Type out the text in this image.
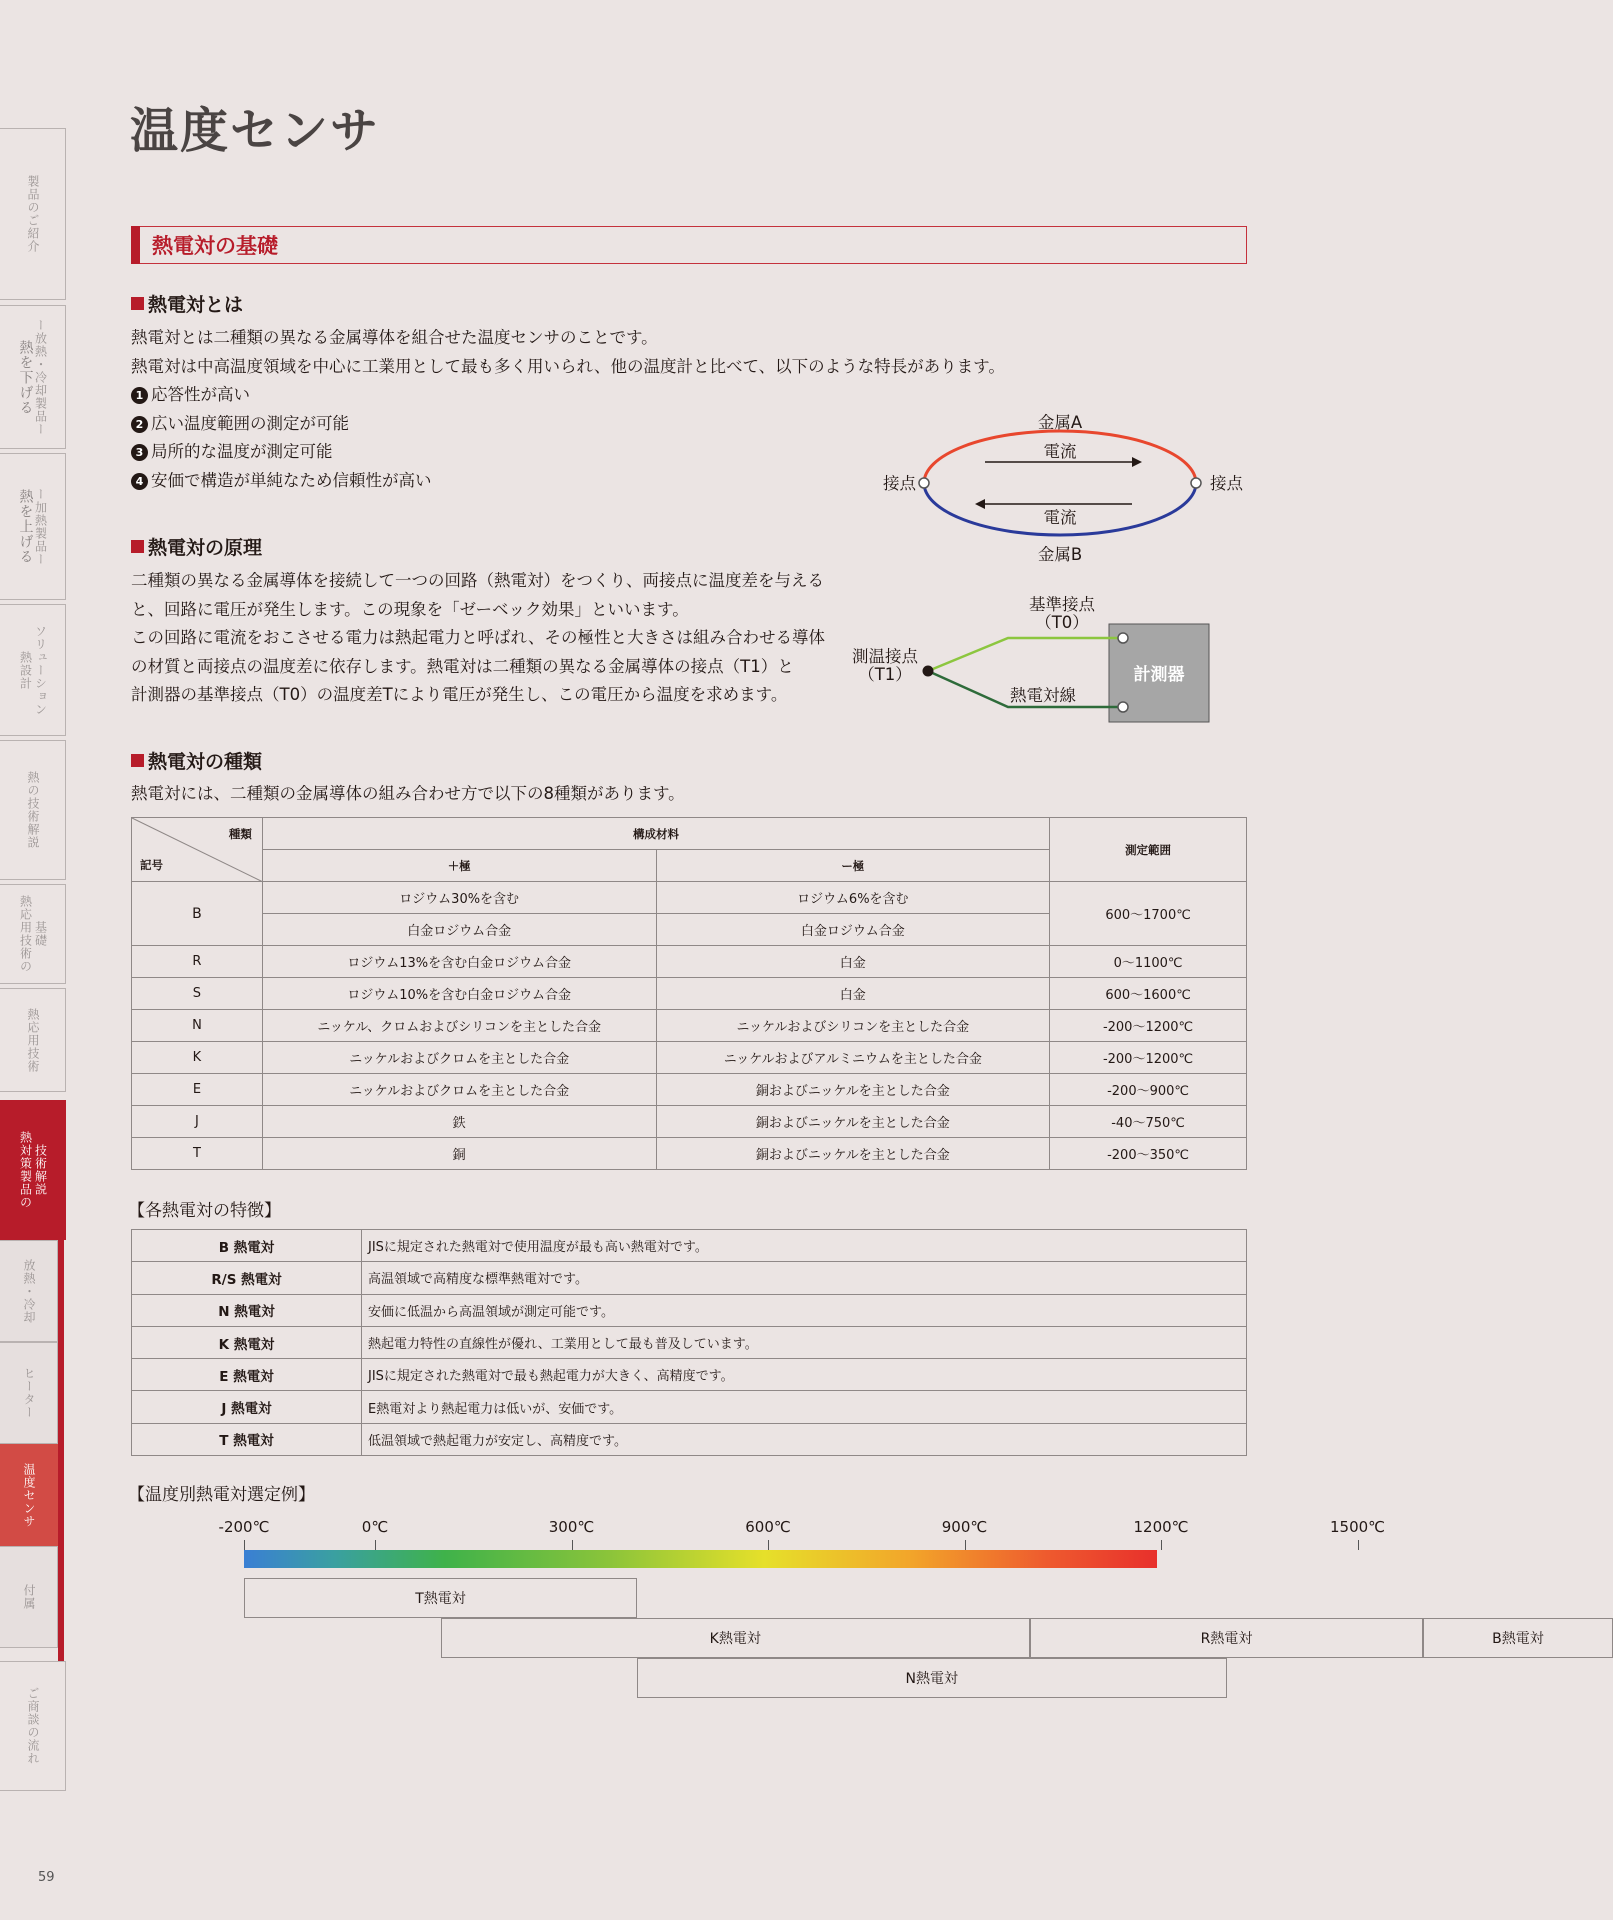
製品のご紹介
熱を下げる ー放熱・冷却製品ー
熱を上げる ー加熱製品ー
熱設計 ソリューション
熱の技術解説
熱応用技術の 基礎
熱応用技術
熱対策製品の 技術解説
放熱・冷却
ヒーター
温度センサ
付属
ご商談の流れ
温度センサ
熱電対の基礎
熱電対とは
熱電対とは二種類の異なる金属導体を組合せた温度センサのことです。
熱電対は中高温度領域を中心に工業用として最も多く用いられ、他の温度計と比べて、以下のような特長があります。
1 応答性が高い
2 広い温度範囲の測定が可能
3 局所的な温度が測定可能
4 安価で構造が単純なため信頼性が高い
金属A
電流
電流
金属B
接点	接点
熱電対の原理
二種類の異なる金属導体を接続して一つの回路（熱電対）をつくり、両接点に温度差を与える
と、回路に電圧が発生します。この現象を「ゼーベック効果」といいます。
この回路に電流をおこさせる電力は熱起電力と呼ばれ、その極性と大きさは組み合わせる導体
の材質と両接点の温度差に依存します。熱電対は二種類の異なる金属導体の接点（T1）と
計測器の基準接点（T0）の温度差Tにより電圧が発生し、この電圧から温度を求めます。
計測器
基準接点
（T0）
測温接点
（T1）
熱電対線
熱電対の種類
熱電対には、二種類の金属導体の組み合わせ方で以下の8種類があります。
種類
記号	構成材料		測定範囲
	＋極	ー極	
B	ロジウム30%を含む	ロジウム6%を含む	600〜1700℃
	白金ロジウム合金	白金ロジウム合金	
R	ロジウム13%を含む白金ロジウム合金	白金	0〜1100℃
S	ロジウム10%を含む白金ロジウム合金	白金	600〜1600℃
N	ニッケル、クロムおよびシリコンを主とした合金	ニッケルおよびシリコンを主とした合金	-200〜1200℃
K	ニッケルおよびクロムを主とした合金	ニッケルおよびアルミニウムを主とした合金	-200〜1200℃
E	ニッケルおよびクロムを主とした合金	銅およびニッケルを主とした合金	-200〜900℃
J	鉄	銅およびニッケルを主とした合金	-40〜750℃
T	銅	銅およびニッケルを主とした合金	-200〜350℃
【各熱電対の特徴】
B 熱電対	JISに規定された熱電対で使用温度が最も高い熱電対です。
R/S 熱電対	高温領域で高精度な標準熱電対です。
N 熱電対	安価に低温から高温領域が測定可能です。
K 熱電対	熱起電力特性の直線性が優れ、工業用として最も普及しています。
E 熱電対	JISに規定された熱電対で最も熱起電力が大きく、高精度です。
J 熱電対	E熱電対より熱起電力は低いが、安価です。
T 熱電対	低温領域で熱起電力が安定し、高精度です。
【温度別熱電対選定例】
-200℃	0℃	300℃	600℃	900℃	1200℃	1500℃
T熱電対
K熱電対	R熱電対	B熱電対
N熱電対
59
